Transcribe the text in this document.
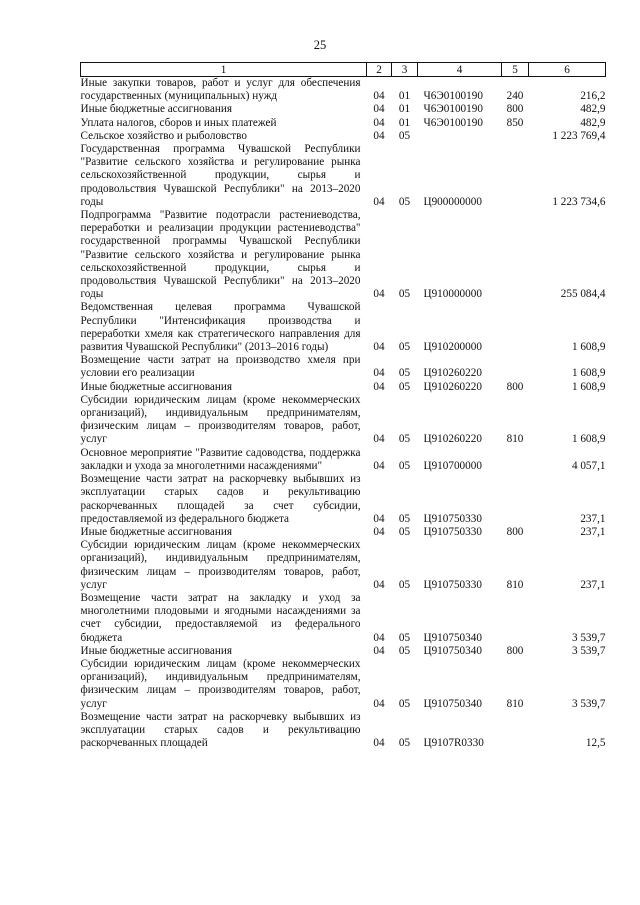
25
1	2	3	4	5	6
Иные закупки товаров, работ и услуг для обеспечения государственных (муниципальных) нужд	04	01	Ч6Э0100190	240	216,2
Иные бюджетные ассигнования	04	01	Ч6Э0100190	800	482,9
Уплата налогов, сборов и иных платежей	04	01	Ч6Э0100190	850	482,9
Сельское хозяйство и рыболовство	04	05			1 223 769,4
Государственная программа Чувашской Республики "Развитие сельского хозяйства и регулирование рынка сельскохозяйственной продукции, сырья и продовольствия Чувашской Республики" на 2013–2020 годы	04	05	Ц900000000		1 223 734,6
Подпрограмма "Развитие подотрасли растениеводства, переработки и реализации продукции растениеводства" государственной программы Чувашской Республики "Развитие сельского хозяйства и регулирование рынка сельскохозяйственной продукции, сырья и продовольствия Чувашской Республики" на 2013–2020 годы	04	05	Ц910000000		255 084,4
Ведомственная целевая программа Чувашской Республики "Интенсификация производства и переработки хмеля как стратегического направления для развития Чувашской Республики" (2013–2016 годы)	04	05	Ц910200000		1 608,9
Возмещение части затрат на производство хмеля при условии его реализации	04	05	Ц910260220		1 608,9
Иные бюджетные ассигнования	04	05	Ц910260220	800	1 608,9
Субсидии юридическим лицам (кроме некоммерческих организаций), индивидуальным предпринимателям, физическим лицам – производителям товаров, работ, услуг	04	05	Ц910260220	810	1 608,9
Основное мероприятие "Развитие садоводства, поддержка закладки и ухода за многолетними насаждениями"	04	05	Ц910700000		4 057,1
Возмещение части затрат на раскорчевку выбывших из эксплуатации старых садов и рекультивацию раскорчеванных площадей за счет субсидии, предоставляемой из федерального бюджета	04	05	Ц910750330		237,1
Иные бюджетные ассигнования	04	05	Ц910750330	800	237,1
Субсидии юридическим лицам (кроме некоммерческих организаций), индивидуальным предпринимателям, физическим лицам – производителям товаров, работ, услуг	04	05	Ц910750330	810	237,1
Возмещение части затрат на закладку и уход за многолетними плодовыми и ягодными насаждениями за счет субсидии, предоставляемой из федерального бюджета	04	05	Ц910750340		3 539,7
Иные бюджетные ассигнования	04	05	Ц910750340	800	3 539,7
Субсидии юридическим лицам (кроме некоммерческих организаций), индивидуальным предпринимателям, физическим лицам – производителям товаров, работ, услуг	04	05	Ц910750340	810	3 539,7
Возмещение части затрат на раскорчевку выбывших из эксплуатации старых садов и рекультивацию раскорчеванных площадей	04	05	Ц9107R0330		12,5
